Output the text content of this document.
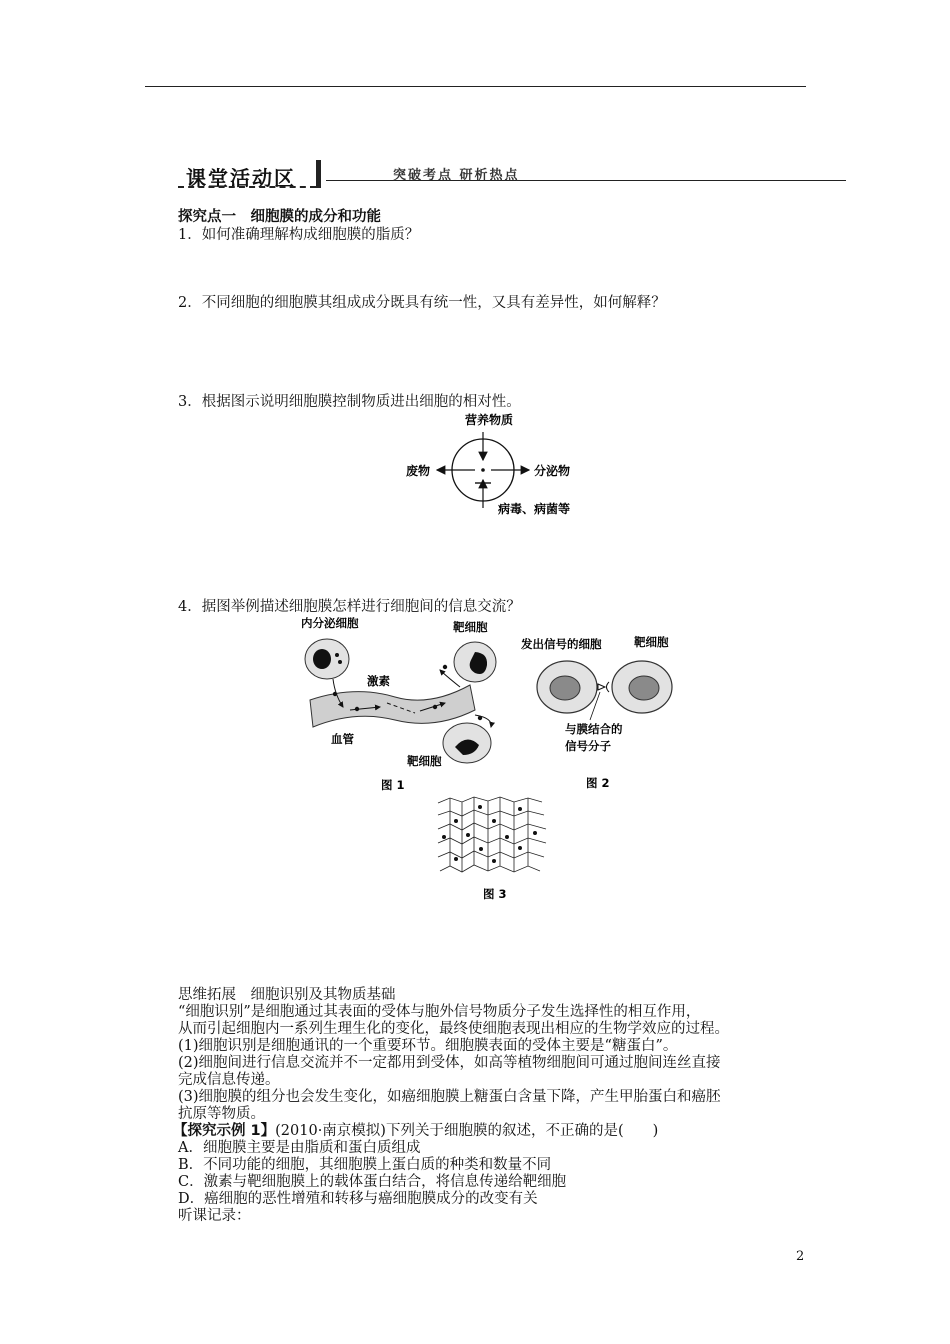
课堂活动区	突破考点 研析热点
探究点一　细胞膜的成分和功能
1．如何准确理解构成细胞膜的脂质？
2．不同细胞的细胞膜其组成成分既具有统一性，又具有差异性，如何解释？
3．根据图示说明细胞膜控制物质进出细胞的相对性。
营养物质
废物	分泌物
病毒、病菌等
4．据图举例描述细胞膜怎样进行细胞间的信息交流？
内分泌细胞	靶细胞
激素
血管
靶细胞
图 1
发出信号的细胞	靶细胞
与膜结合的
信号分子
图 2
图 3
思维拓展　细胞识别及其物质基础
“细胞识别”是细胞通过其表面的受体与胞外信号物质分子发生选择性的相互作用，
从而引起细胞内一系列生理生化的变化，最终使细胞表现出相应的生物学效应的过程。
(1)细胞识别是细胞通讯的一个重要环节。细胞膜表面的受体主要是“糖蛋白”。
(2)细胞间进行信息交流并不一定都用到受体，如高等植物细胞间可通过胞间连丝直接
完成信息传递。
(3)细胞膜的组分也会发生变化，如癌细胞膜上糖蛋白含量下降，产生甲胎蛋白和癌胚
抗原等物质。
【探究示例 1】(2010·南京模拟)下列关于细胞膜的叙述，不正确的是(　　)
A．细胞膜主要是由脂质和蛋白质组成
B．不同功能的细胞，其细胞膜上蛋白质的种类和数量不同
C．激素与靶细胞膜上的载体蛋白结合，将信息传递给靶细胞
D．癌细胞的恶性增殖和转移与癌细胞膜成分的改变有关
听课记录：
2
